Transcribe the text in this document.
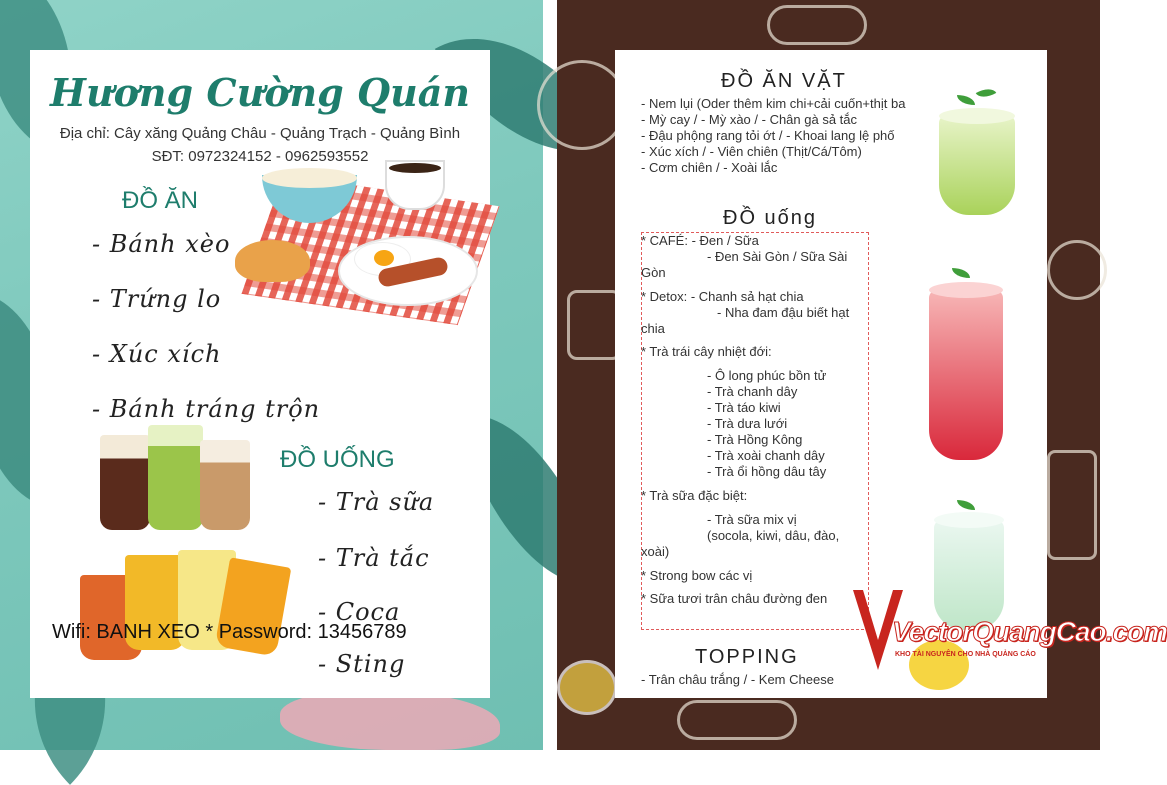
Hương Cường Quán
Địa chỉ: Cây xăng Quảng Châu - Quảng Trạch - Quảng Bình
SĐT: 0972324152 - 0962593552
ĐỒ ĂN
- Bánh xèo
- Trứng lo
- Xúc xích
- Bánh tráng trộn
ĐỒ UỐNG
- Trà sữa
- Trà tắc
- Coca
- Sting
Wifi: BANH XEO * Password: 13456789
ĐỒ ĂN VẶT
- Nem lụi (Oder thêm kim chi+cải cuốn+thịt ba
- Mỳ cay / - Mỳ xào / - Chân gà sả tắc
- Đậu phộng rang tỏi ớt / - Khoai lang lệ phố
- Xúc xích / - Viên chiên (Thịt/Cá/Tôm)
- Cơm chiên / - Xoài lắc
ĐỒ uống
* CAFÉ: - Đen / Sữa
- Đen Sài Gòn / Sữa Sài
Gòn
* Detox: - Chanh sả hạt chia
- Nha đam đậu biết hạt
chia
* Trà trái cây nhiệt đới:
- Ô long phúc bồn tử
- Trà chanh dây
- Trà táo kiwi
- Trà dưa lưới
- Trà Hồng Kông
- Trà xoài chanh dây
- Trà ổi hồng dâu tây
* Trà sữa đặc biệt:
- Trà sữa mix vị
(socola, kiwi, dâu, đào,
xoài)
* Strong bow các vị
* Sữa tươi trân châu đường đen
TOPPING
- Trân châu trắng / - Kem Cheese
VectorQuangCao.com
KHO TÀI NGUYÊN CHO NHÀ QUẢNG CÁO
